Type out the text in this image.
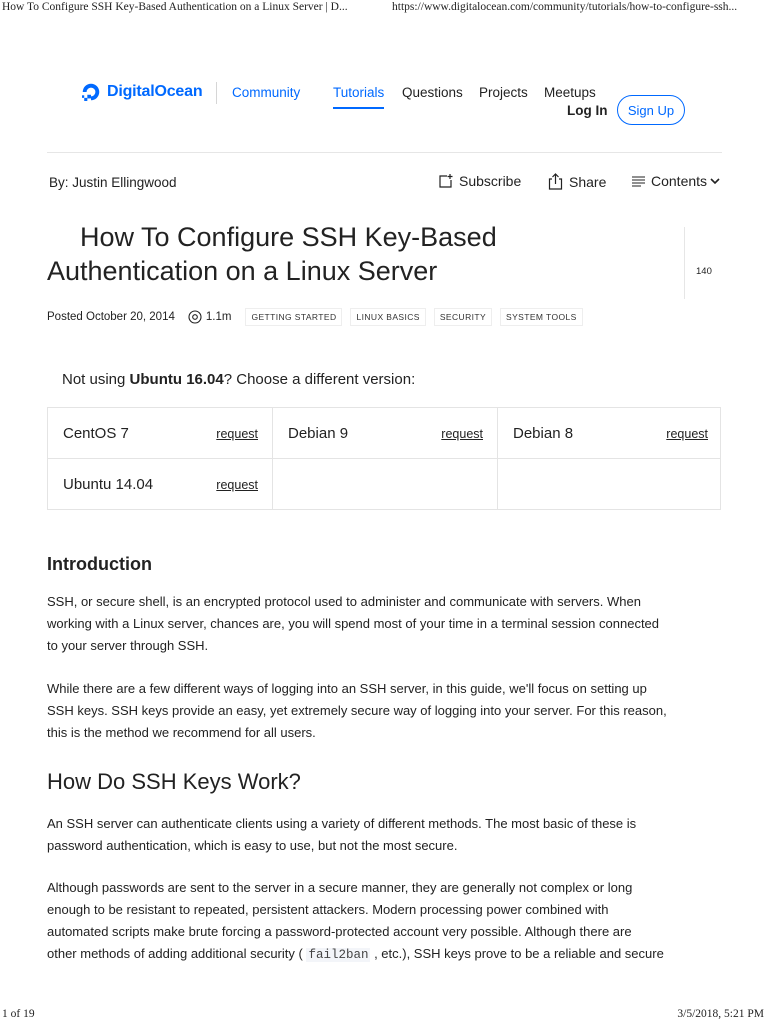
How To Configure SSH Key-Based Authentication on a Linux Server | D...	https://www.digitalocean.com/community/tutorials/how-to-configure-ssh...
DigitalOcean Community Tutorials Questions Projects Meetups
Log In	Sign Up
By: Justin Ellingwood	Subscribe	Share	Contents
How To Configure SSH Key-Based
Authentication on a Linux Server	140
Posted October 20, 2014	1.1m	GETTING STARTED	LINUX BASICS	SECURITY	SYSTEM TOOLS
Not using Ubuntu 16.04? Choose a different version:
CentOS 7	request Debian 9	request Debian 8	request
Ubuntu 14.04	request
Introduction
SSH, or secure shell, is an encrypted protocol used to administer and communicate with servers. When
working with a Linux server, chances are, you will spend most of your time in a terminal session connected
to your server through SSH.
While there are a few different ways of logging into an SSH server, in this guide, we'll focus on setting up
SSH keys. SSH keys provide an easy, yet extremely secure way of logging into your server. For this reason,
this is the method we recommend for all users.
How Do SSH Keys Work?
An SSH server can authenticate clients using a variety of different methods. The most basic of these is
password authentication, which is easy to use, but not the most secure.
Although passwords are sent to the server in a secure manner, they are generally not complex or long
enough to be resistant to repeated, persistent attackers. Modern processing power combined with
automated scripts make brute forcing a password-protected account very possible. Although there are
other methods of adding additional security ( fail2ban , etc.), SSH keys prove to be a reliable and secure
1 of 19	3/5/2018, 5:21 PM
